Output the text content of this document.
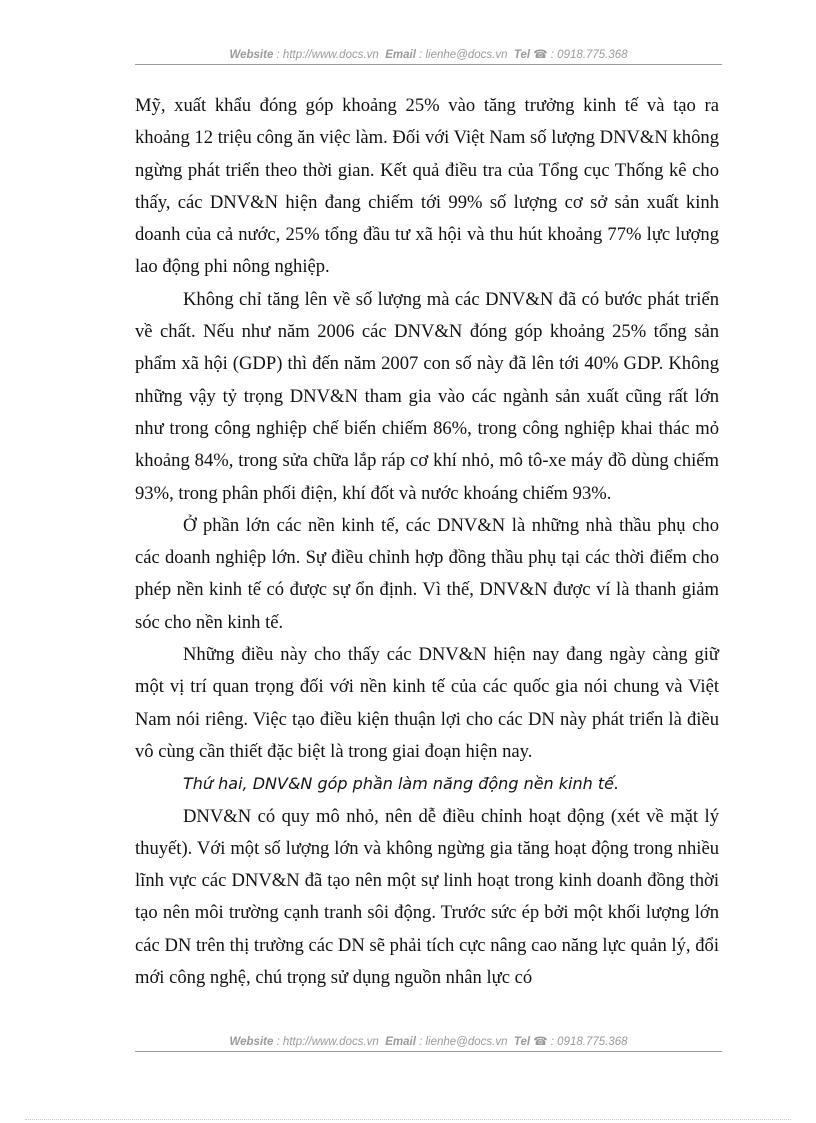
Website : http://www.docs.vn Email : lienhe@docs.vn Tel ☎ : 0918.775.368

Mỹ, xuất khẩu đóng góp khoảng 25% vào tăng trưởng kinh tế và tạo ra khoảng 12 triệu công ăn việc làm. Đối với Việt Nam số lượng DNV&N không ngừng phát triển theo thời gian. Kết quả điều tra của Tổng cục Thống kê cho thấy, các DNV&N hiện đang chiếm tới 99% số lượng cơ sở sản xuất kinh doanh của cả nước, 25% tổng đầu tư xã hội và thu hút khoảng 77% lực lượng lao động phi nông nghiệp.

Không chỉ tăng lên về số lượng mà các DNV&N đã có bước phát triển về chất. Nếu như năm 2006 các DNV&N đóng góp khoảng 25% tổng sản phẩm xã hội (GDP) thì đến năm 2007 con số này đã lên tới 40% GDP. Không những vậy tỷ trọng DNV&N tham gia vào các ngành sản xuất cũng rất lớn như trong công nghiệp chế biến chiếm 86%, trong công nghiệp khai thác mỏ khoảng 84%, trong sửa chữa lắp ráp cơ khí nhỏ, mô tô-xe máy đồ dùng chiếm 93%, trong phân phối điện, khí đốt và nước khoáng chiếm 93%.

Ở phần lớn các nền kinh tế, các DNV&N là những nhà thầu phụ cho các doanh nghiệp lớn. Sự điều chỉnh hợp đồng thầu phụ tại các thời điểm cho phép nền kinh tế có được sự ổn định. Vì thế, DNV&N được ví là thanh giảm sóc cho nền kinh tế.

Những điều này cho thấy các DNV&N hiện nay đang ngày càng giữ một vị trí quan trọng đối với nền kinh tế của các quốc gia nói chung và Việt Nam nói riêng. Việc tạo điều kiện thuận lợi cho các DN này phát triển là điều vô cùng cần thiết đặc biệt là trong giai đoạn hiện nay.

Thứ hai, DNV&N góp phần làm năng động nền kinh tế.

DNV&N có quy mô nhỏ, nên dễ điều chỉnh hoạt động (xét về mặt lý thuyết). Với một số lượng lớn và không ngừng gia tăng hoạt động trong nhiều lĩnh vực các DNV&N đã tạo nên một sự linh hoạt trong kinh doanh đồng thời tạo nên môi trường cạnh tranh sôi động. Trước sức ép bởi một khối lượng lớn các DN trên thị trường các DN sẽ phải tích cực nâng cao năng lực quản lý, đổi mới công nghệ, chú trọng sử dụng nguồn nhân lực có

Website : http://www.docs.vn Email : lienhe@docs.vn Tel ☎ : 0918.775.368
